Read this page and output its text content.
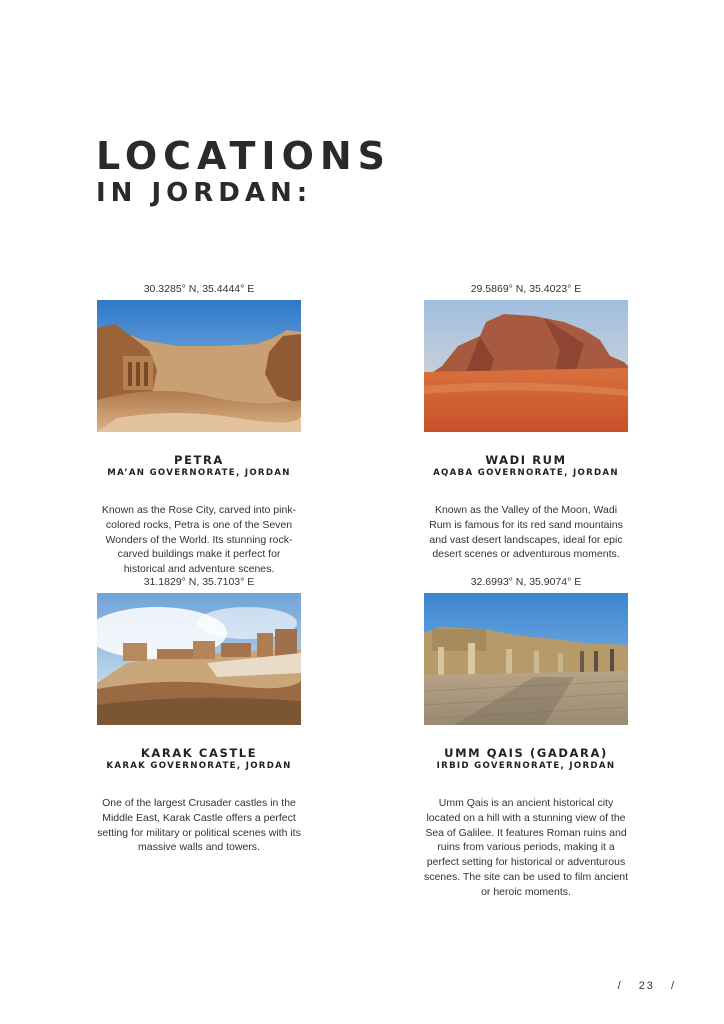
LOCATIONS
IN JORDAN:
30.3285° N, 35.4444° E
PETRA
MA’AN GOVERNORATE, JORDAN
Known as the Rose City, carved into pink-colored rocks, Petra is one of the Seven Wonders of the World. Its stunning rock-carved buildings make it perfect for historical and adventure scenes.
29.5869° N, 35.4023° E
WADI RUM
AQABA GOVERNORATE, JORDAN
Known as the Valley of the Moon, Wadi Rum is famous for its red sand mountains and vast desert landscapes, ideal for epic desert scenes or adventurous moments.
31.1829° N, 35.7103° E
KARAK CASTLE
KARAK GOVERNORATE, JORDAN
One of the largest Crusader castles in the Middle East, Karak Castle offers a perfect setting for military or political scenes with its massive walls and towers.
32.6993° N, 35.9074° E
UMM QAIS (GADARA)
IRBID GOVERNORATE, JORDAN
Umm Qais is an ancient historical city located on a hill with a stunning view of the Sea of Galilee. It features Roman ruins and ruins from various periods, making it a perfect setting for historical or adventurous scenes. The site can be used to film ancient or heroic moments.
/ 23 /
